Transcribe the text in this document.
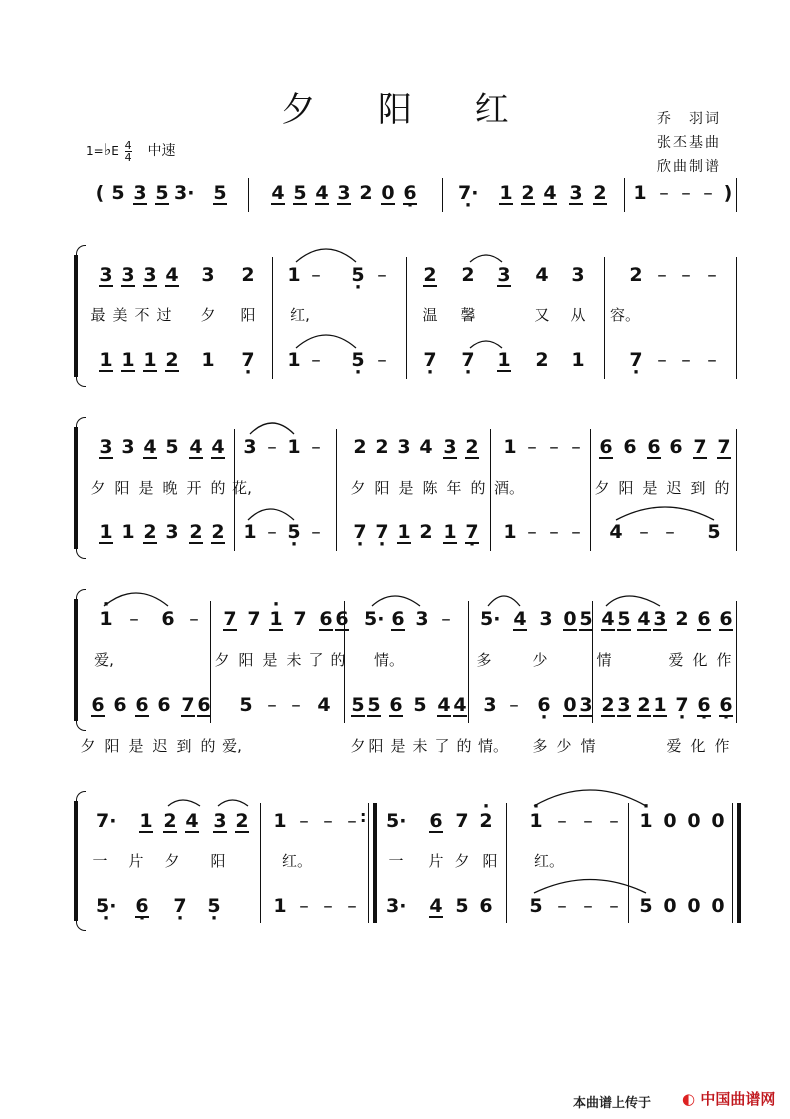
夕 阳 红	乔　羽词
张丕基曲
欣曲制谱
1=♭E $\frac{4}{4}$ 中速
( 5 3 5 3· 5 4 5 4 3 2 0 · 6 · 7· 1 2 4 3 2 1 – – – )
3 3 3 4 3 2 1 – · 5 – 2 2 3 4 3 2 – – –
最 美 不 过 夕 阳 红,	温 馨	又 从 容。
1 1 1 2 1 · 7 1 – · 5 – · 7 · 7 1 2 1 · 7 – – –
3 3 4 5 4 4 3 – 1 – 2 2 3 4 3 2 1 – – – 6 6 6 6 7 7
夕 阳 是 晚 开 的 花,	夕 阳 是 陈 年 的 酒。	夕 阳 是 迟 到 的
1 1 2 3 2 2 1 – · 5 – · 7 · 7 1 2 1 · 7 1 – – – 4 – – 5
· 1 – 6 – 7 7 · 1 7 6 6 5· 6 3 – 5· 4 3 0 5 4 5 4 3 2 6 6
爱,	夕 阳 是 未 了 的 情。	多	少	情	爱 化 作
6 6 6 6 7 6 5 – – 4 5 5 6 5 4 4 3 – · 6 0 3 2 3 2 1 · 7 · 6 · 6
夕 阳 是 迟 到 的 爱,	夕 阳 是 未 了 的 情。 多 少 情	爱 化 作
7· 1 2 4 3 2 1 – – – 5· 6 7 · 2 · 1 – – – · 1 0 0 0
一 片 夕 阳	红。	一 片 夕 阳 红。
· 5· · 6 · 7 · 5	1 – – – 3· 4 5 6 5 – – – 5 0 0 0
:
本曲谱上传于 ◐ 中国曲谱网
